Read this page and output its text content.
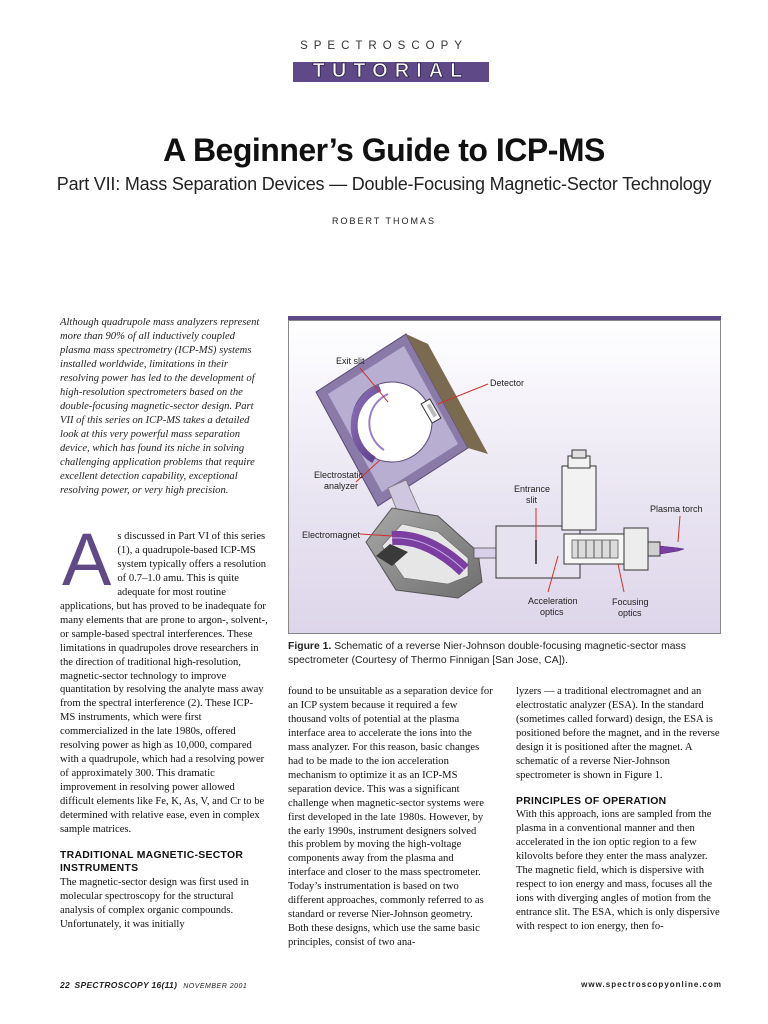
SPECTROSCOPY
TUTORIAL
A Beginner’s Guide to ICP-MS
Part VII: Mass Separation Devices — Double-Focusing Magnetic-Sector Technology
ROBERT THOMAS
Although quadrupole mass analyzers represent more than 90% of all inductively coupled plasma mass spectrometry (ICP-MS) systems installed worldwide, limitations in their resolving power has led to the development of high-resolution spectrometers based on the double-focusing magnetic-sector design. Part VII of this series on ICP-MS takes a detailed look at this very powerful mass separation device, which has found its niche in solving challenging application problems that require excellent detection capability, exceptional resolving power, or very high precision.

As discussed in Part VI of this series (1), a quadrupole-based ICP-MS system typically offers a resolution of 0.7–1.0 amu. This is quite adequate for most routine applications, but has proved to be inadequate for many elements that are prone to argon-, solvent-, or sample-based spectral interferences. These limitations in quadrupoles drove researchers in the direction of traditional high-resolution, magnetic-sector technology to improve quantitation by resolving the analyte mass away from the spectral interference (2). These ICP-MS instruments, which were first commercialized in the late 1980s, offered resolving power as high as 10,000, compared with a quadrupole, which had a resolving power of approximately 300. This dramatic improvement in resolving power allowed difficult elements like Fe, K, As, V, and Cr to be determined with relative ease, even in complex sample matrices.

TRADITIONAL MAGNETIC-SECTOR INSTRUMENTS

The magnetic-sector design was first used in molecular spectroscopy for the structural analysis of complex organic compounds. Unfortunately, it was initially

found to be unsuitable as a separation device for an ICP system because it required a few thousand volts of potential at the plasma interface area to accelerate the ions into the mass analyzer. For this reason, basic changes had to be made to the ion acceleration mechanism to optimize it as an ICP-MS separation device. This was a significant challenge when magnetic-sector systems were first developed in the late 1980s. However, by the early 1990s, instrument designers solved this problem by moving the high-voltage components away from the plasma and interface and closer to the mass spectrometer. Today’s instrumentation is based on two different approaches, commonly referred to as standard or reverse Nier-Johnson geometry. Both these designs, which use the same basic principles, consist of two ana-

lyzers — a traditional electromagnet and an electrostatic analyzer (ESA). In the standard (sometimes called forward) design, the ESA is positioned before the magnet, and in the reverse design it is positioned after the magnet. A schematic of a reverse Nier-Johnson spectrometer is shown in Figure 1.

PRINCIPLES OF OPERATION

With this approach, ions are sampled from the plasma in a conventional manner and then accelerated in the ion optic region to a few kilovolts before they enter the mass analyzer. The magnetic field, which is dispersive with respect to ion energy and mass, focuses all the ions with diverging angles of motion from the entrance slit. The ESA, which is only dispersive with respect to ion energy, then fo-

Exit slit
Detector
Electrostatic
analyzer	Entrance
slit
Plasma torch
Electromagnet
Acceleration
optics
Focusing
optics
Figure 1. Schematic of a reverse Nier-Johnson double-focusing magnetic-sector mass spectrometer (Courtesy of Thermo Finnigan [San Jose, CA]).
22 SPECTROSCOPY 16(11) NOVEMBER 2001	www.spectroscopyonline.com
